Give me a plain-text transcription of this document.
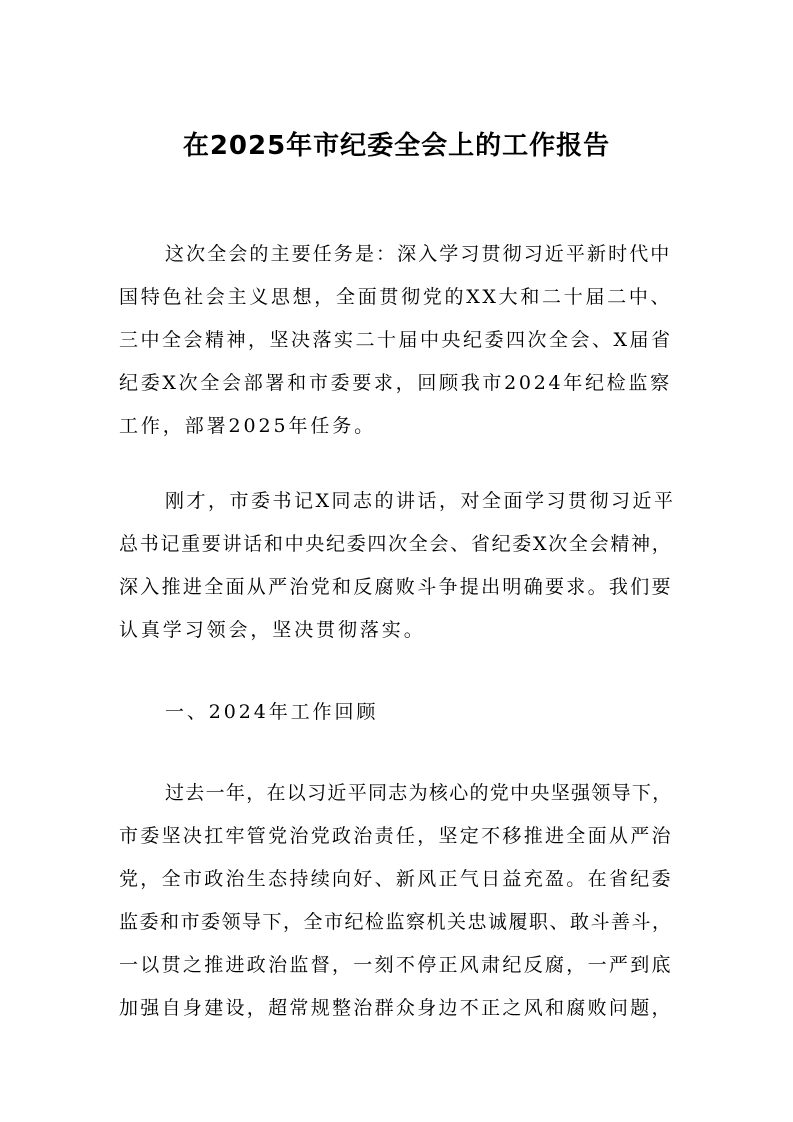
在2025年市纪委全会上的工作报告

这次全会的主要任务是：深入学习贯彻习近平新时代中

国特色社会主义思想，全面贯彻党的XX大和二十届二中、

三中全会精神，坚决落实二十届中央纪委四次全会、X届省

纪委X次全会部署和市委要求，回顾我市2024年纪检监察

工作，部署2025年任务。

刚才，市委书记X同志的讲话，对全面学习贯彻习近平

总书记重要讲话和中央纪委四次全会、省纪委X次全会精神，

深入推进全面从严治党和反腐败斗争提出明确要求。我们要

认真学习领会，坚决贯彻落实。

一、2024年工作回顾

过去一年，在以习近平同志为核心的党中央坚强领导下，

市委坚决扛牢管党治党政治责任，坚定不移推进全面从严治

党，全市政治生态持续向好、新风正气日益充盈。在省纪委

监委和市委领导下，全市纪检监察机关忠诚履职、敢斗善斗，

一以贯之推进政治监督，一刻不停正风肃纪反腐，一严到底

加强自身建设，超常规整治群众身边不正之风和腐败问题，
